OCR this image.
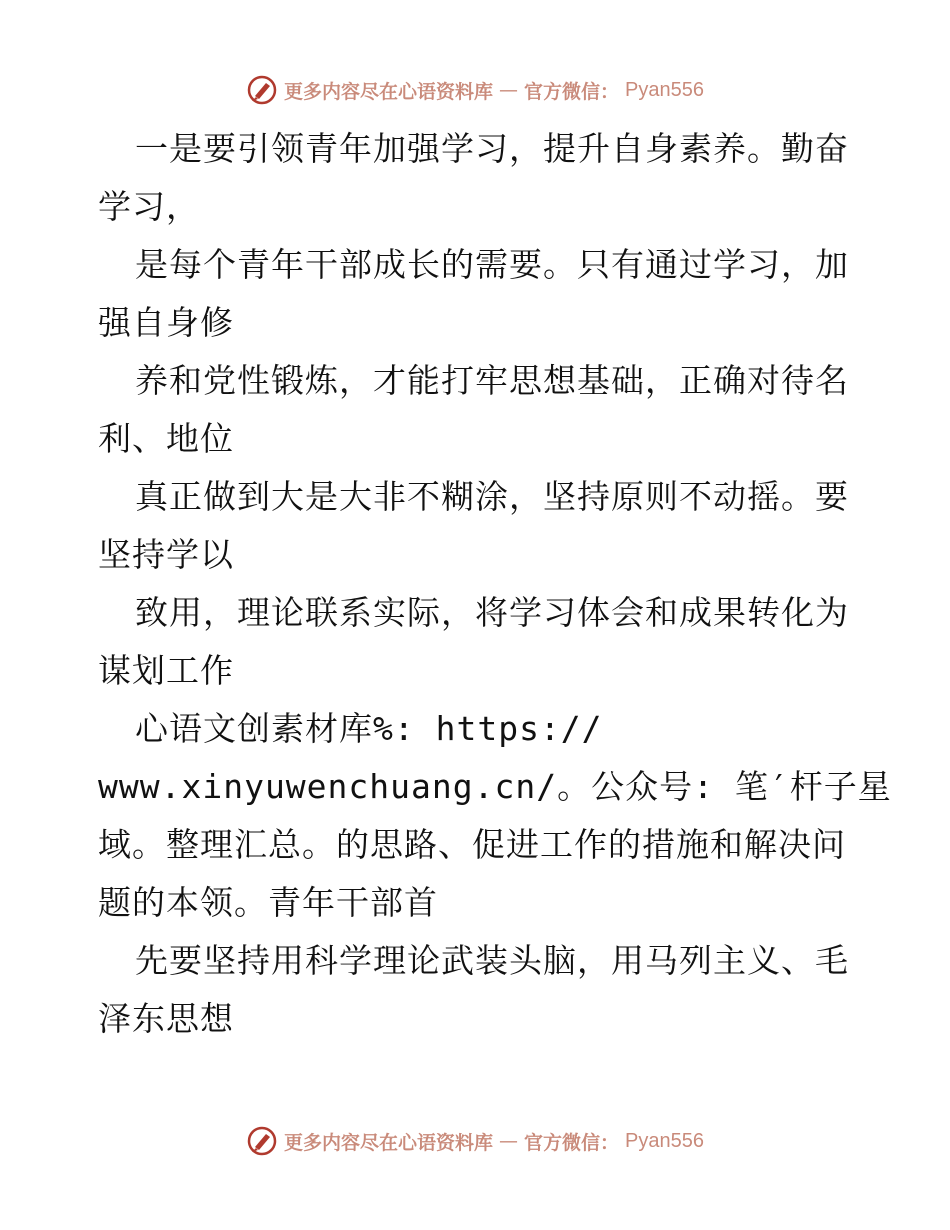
更多内容尽在心语资料库 — 官方微信： Pyan556
一是要引领青年加强学习，提升自身素养。勤奋
学习，
是每个青年干部成长的需要。只有通过学习，加
强自身修
养和党性锻炼，才能打牢思想基础，正确对待名
利、地位
真正做到大是大非不糊涂，坚持原则不动摇。要
坚持学以
致用，理论联系实际，将学习体会和成果转化为
谋划工作
心语文创素材库%: https://
www.xinyuwenchuang.cn/。公众号: 笔′杆子星
域。整理汇总。的思路、促进工作的措施和解决问
题的本领。青年干部首
先要坚持用科学理论武装头脑，用马列主义、毛
泽东思想
更多内容尽在心语资料库 — 官方微信： Pyan556
